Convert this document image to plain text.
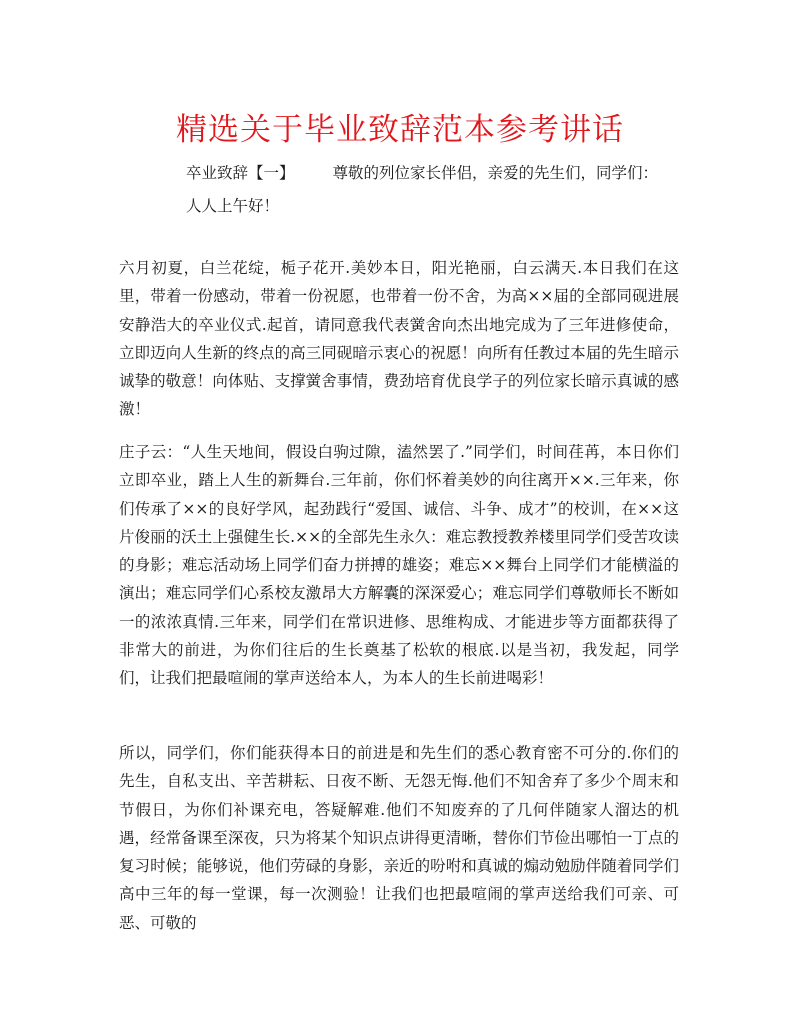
精选关于毕业致辞范本参考讲话
卒业致辞【一】 尊敬的列位家长伴侣，亲爱的先生们，同学们：
人人上午好！

六月初夏，白兰花绽，栀子花开.美妙本日，阳光艳丽，白云满天.本日我们在这里，带着一份感动，带着一份祝愿，也带着一份不舍，为高××届的全部同砚进展安静浩大的卒业仪式.起首，请同意我代表黉舍向杰出地完成为了三年进修使命，立即迈向人生新的终点的高三同砚暗示衷心的祝愿！向所有任教过本届的先生暗示诚挚的敬意！向体贴、支撑黉舍事情，费劲培育优良学子的列位家长暗示真诚的感激！

庄子云：“人生天地间，假设白驹过隙，溘然罢了.”同学们，时间荏苒，本日你们立即卒业，踏上人生的新舞台.三年前，你们怀着美妙的向往离开××.三年来，你们传承了××的良好学风，起劲践行“爱国、诚信、斗争、成才”的校训，在××这片俊丽的沃土上强健生长.××的全部先生永久：难忘教授教养楼里同学们受苦攻读的身影；难忘活动场上同学们奋力拼搏的雄姿；难忘××舞台上同学们才能横溢的演出；难忘同学们心系校友激昂大方解囊的深深爱心；难忘同学们尊敬师长不断如一的浓浓真情.三年来，同学们在常识进修、思维构成、才能进步等方面都获得了非常大的前进，为你们往后的生长奠基了松软的根底.以是当初，我发起，同学们，让我们把最喧闹的掌声送给本人，为本人的生长前进喝彩！

所以，同学们，你们能获得本日的前进是和先生们的悉心教育密不可分的.你们的先生，自私支出、辛苦耕耘、日夜不断、无怨无悔.他们不知舍弃了多少个周末和节假日，为你们补课充电，答疑解难.他们不知废弃的了几何伴随家人溜达的机遇，经常备课至深夜，只为将某个知识点讲得更清晰，替你们节俭出哪怕一丁点的复习时候；能够说，他们劳碌的身影，亲近的吩咐和真诚的煽动勉励伴随着同学们高中三年的每一堂课，每一次测验！让我们也把最喧闹的掌声送给我们可亲、可恶、可敬的
